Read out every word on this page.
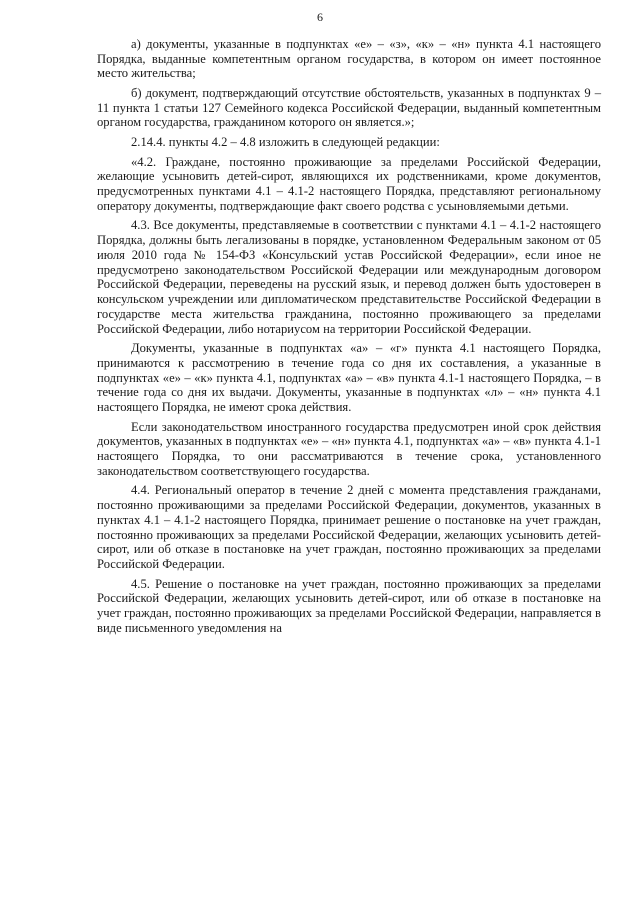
6

а) документы, указанные в подпунктах «е» – «з», «к» – «н» пункта 4.1 настоящего Порядка, выданные компетентным органом государства, в котором он имеет постоянное место жительства;

б) документ, подтверждающий отсутствие обстоятельств, указанных в подпунктах 9 – 11 пункта 1 статьи 127 Семейного кодекса Российской Федерации, выданный компетентным органом государства, гражданином которого он является.»;

2.14.4. пункты 4.2 – 4.8 изложить в следующей редакции:

«4.2. Граждане, постоянно проживающие за пределами Российской Федерации, желающие усыновить детей-сирот, являющихся их родственниками, кроме документов, предусмотренных пунктами 4.1 – 4.1-2 настоящего Порядка, представляют региональному оператору документы, подтверждающие факт своего родства с усыновляемыми детьми.

4.3. Все документы, представляемые в соответствии с пунктами 4.1 – 4.1-2 настоящего Порядка, должны быть легализованы в порядке, установленном Федеральным законом от 05 июля 2010 года № 154-ФЗ «Консульский устав Российской Федерации», если иное не предусмотрено законодательством Российской Федерации или международным договором Российской Федерации, переведены на русский язык, и перевод должен быть удостоверен в консульском учреждении или дипломатическом представительстве Российской Федерации в государстве места жительства гражданина, постоянно проживающего за пределами Российской Федерации, либо нотариусом на территории Российской Федерации.

Документы, указанные в подпунктах «а» – «г» пункта 4.1 настоящего Порядка, принимаются к рассмотрению в течение года со дня их составления, а указанные в подпунктах «е» – «к» пункта 4.1, подпунктах «а» – «в» пункта 4.1-1 настоящего Порядка, – в течение года со дня их выдачи. Документы, указанные в подпунктах «л» – «н» пункта 4.1 настоящего Порядка, не имеют срока действия.

Если законодательством иностранного государства предусмотрен иной срок действия документов, указанных в подпунктах «е» – «н» пункта 4.1, подпунктах «а» – «в» пункта 4.1-1 настоящего Порядка, то они рассматриваются в течение срока, установленного законодательством соответствующего государства.

4.4. Региональный оператор в течение 2 дней с момента представления гражданами, постоянно проживающими за пределами Российской Федерации, документов, указанных в пунктах 4.1 – 4.1-2 настоящего Порядка, принимает решение о постановке на учет граждан, постоянно проживающих за пределами Российской Федерации, желающих усыновить детей-сирот, или об отказе в постановке на учет граждан, постоянно проживающих за пределами Российской Федерации.

4.5. Решение о постановке на учет граждан, постоянно проживающих за пределами Российской Федерации, желающих усыновить детей-сирот, или об отказе в постановке на учет граждан, постоянно проживающих за пределами Российской Федерации, направляется в виде письменного уведомления на
